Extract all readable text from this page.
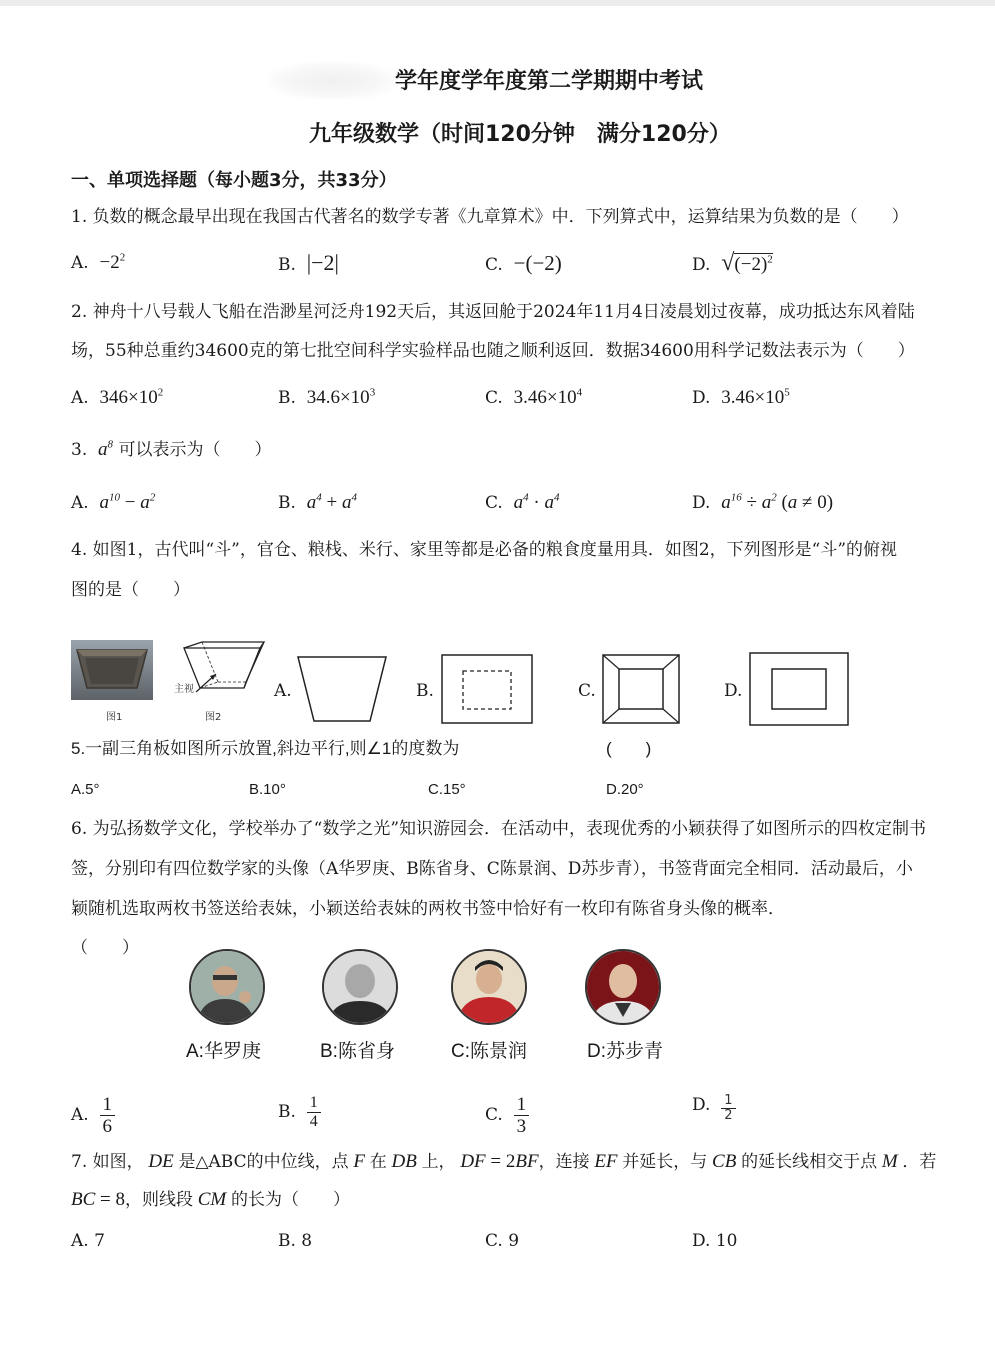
学年度学年度第二学期期中考试
九年级数学（时间120分钟　满分120分）
一、单项选择题（每小题3分，共33分）
1. 负数的概念最早出现在我国古代著名的数学专著《九章算术》中．下列算式中，运算结果为负数的是（　　）
A. $-2^2$	B. |−2|	C. −(−2)	D. $√(-2)^2$
2. 神舟十八号载人飞船在浩渺星河泛舟192天后，其返回舱于2024年11月4日凌晨划过夜幕，成功抵达东风着陆
场，55种总重约34600克的第七批空间科学实验样品也随之顺利返回．数据34600用科学记数法表示为（　　）
A. $346\times 10^2$	B. $34.6\times 10^3$	C. $3.46\times 10^4$	D. $3.46\times 10^5$
3. $a^8$ 可以表示为（　　）
A. $a^{10} - a^2$	B. $a^4 + a^4$	C. $a^4 \cdot a^4$	D. $a^{16} \div a^2$ (a ≠ 0)
4. 如图1，古代叫“斗”，官仓、粮栈、米行、家里等都是必备的粮食度量用具．如图2，下列图形是“斗”的俯视
图的是（　　）
图1
主视
图2
A.	B.	C.	D.
5.一副三角板如图所示放置,斜边平行,则∠1的度数为	(　　)
A.5°	B.10°	C.15°	D.20°
6. 为弘扬数学文化，学校举办了“数学之光”知识游园会．在活动中，表现优秀的小颖获得了如图所示的四枚定制书
签，分别印有四位数学家的头像（A华罗庚、B陈省身、C陈景润、D苏步青），书签背面完全相同．活动最后，小
颖随机选取两枚书签送给表妹，小颖送给表妹的两枚书签中恰好有一枚印有陈省身头像的概率．
（　　）
A:华罗庚	B:陈省身	C:陈景润	D:苏步青
A. $\frac{1}{6}$	B. $\frac{1}{4}$	C. $\frac{1}{3}$	D. $\frac{1}{2}$
7. 如图， DE 是△ABC的中位线，点 F 在 DB 上， DF = 2BF，连接 EF 并延长，与 CB 的延长线相交于点 M ．若
BC = 8，则线段 CM 的长为（　　）
A. 7	B. 8	C. 9	D. 10
